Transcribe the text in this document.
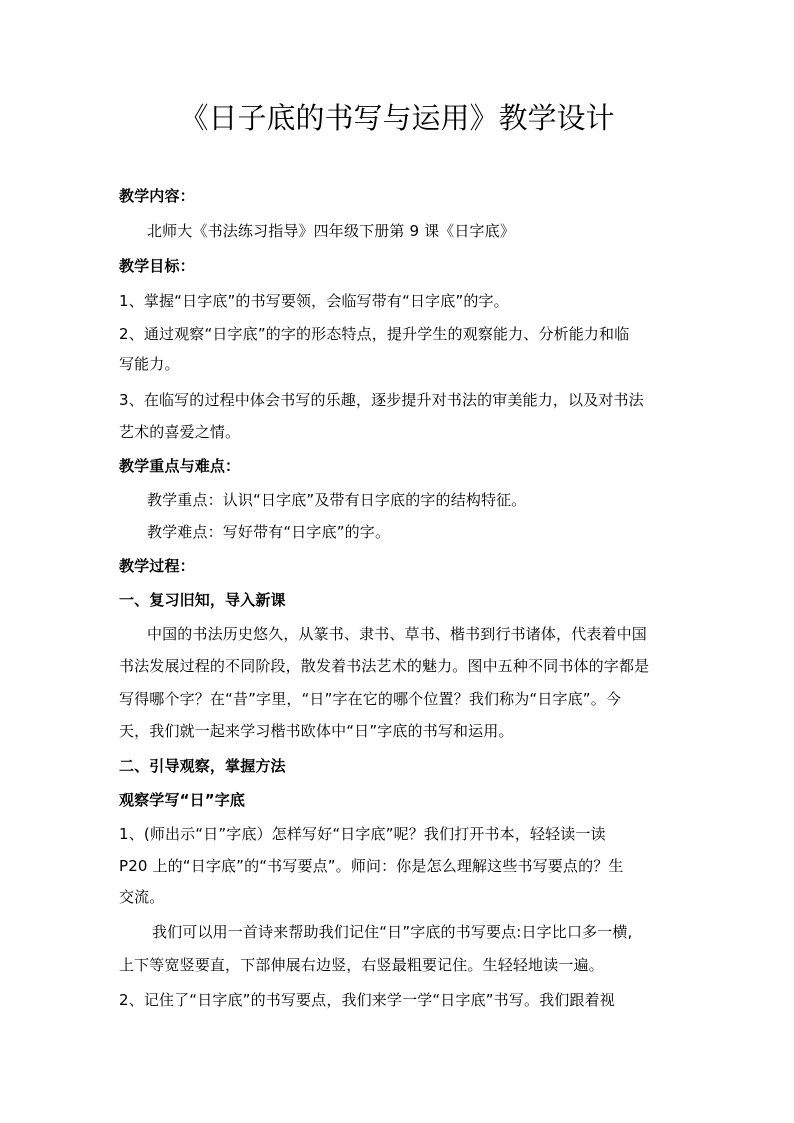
《日子底的书写与运用》教学设计
教学内容：
北师大《书法练习指导》四年级下册第 9 课《日字底》
教学目标：
1、掌握“日字底”的书写要领，会临写带有“日字底”的字。
2、通过观察“日字底”的字的形态特点，提升学生的观察能力、分析能力和临
写能力。
3、在临写的过程中体会书写的乐趣，逐步提升对书法的审美能力，以及对书法
艺术的喜爱之情。
教学重点与难点：
教学重点：认识“日字底”及带有日字底的字的结构特征。
教学难点：写好带有“日字底”的字。
教学过程：
一、复习旧知，导入新课
中国的书法历史悠久，从篆书、隶书、草书、楷书到行书诸体，代表着中国
书法发展过程的不同阶段，散发着书法艺术的魅力。图中五种不同书体的字都是
写得哪个字？在“昔”字里，“日”字在它的哪个位置？我们称为“日字底”。今
天，我们就一起来学习楷书欧体中“日”字底的书写和运用。
二、引导观察，掌握方法
观察学写“日”字底
1、(师出示“日”字底）怎样写好“日字底”呢？我们打开书本，轻轻读一读
P20 上的“日字底”的“书写要点”。师问：你是怎么理解这些书写要点的？生
交流。
我们可以用一首诗来帮助我们记住“日”字底的书写要点:日字比口多一横,
上下等宽竖要直，下部伸展右边竖，右竖最粗要记住。生轻轻地读一遍。
2、记住了“日字底”的书写要点，我们来学一学“日字底”书写。我们跟着视
